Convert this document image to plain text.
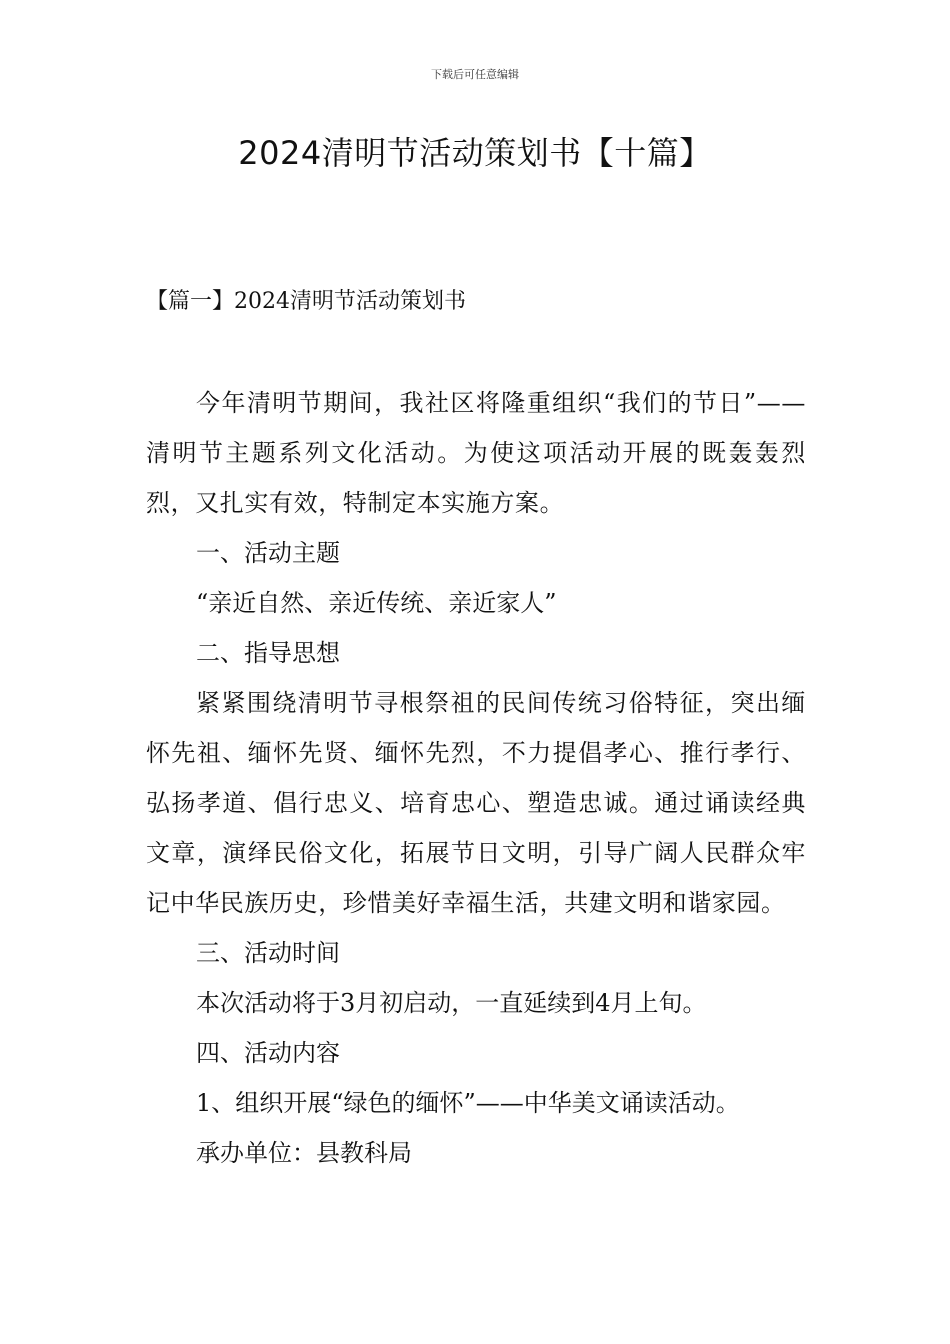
下载后可任意编辑
2024清明节活动策划书【十篇】
【篇一】2024清明节活动策划书

今年清明节期间，我社区将隆重组织“我们的节日”——清明节主题系列文化活动。为使这项活动开展的既轰轰烈烈，又扎实有效，特制定本实施方案。

一、活动主题

“亲近自然、亲近传统、亲近家人”

二、指导思想

紧紧围绕清明节寻根祭祖的民间传统习俗特征，突出缅怀先祖、缅怀先贤、缅怀先烈，不力提倡孝心、推行孝行、弘扬孝道、倡行忠义、培育忠心、塑造忠诚。通过诵读经典文章，演绎民俗文化，拓展节日文明，引导广阔人民群众牢记中华民族历史，珍惜美好幸福生活，共建文明和谐家园。

三、活动时间

本次活动将于3月初启动，一直延续到4月上旬。

四、活动内容

1、组织开展“绿色的缅怀”——中华美文诵读活动。

承办单位：县教科局
